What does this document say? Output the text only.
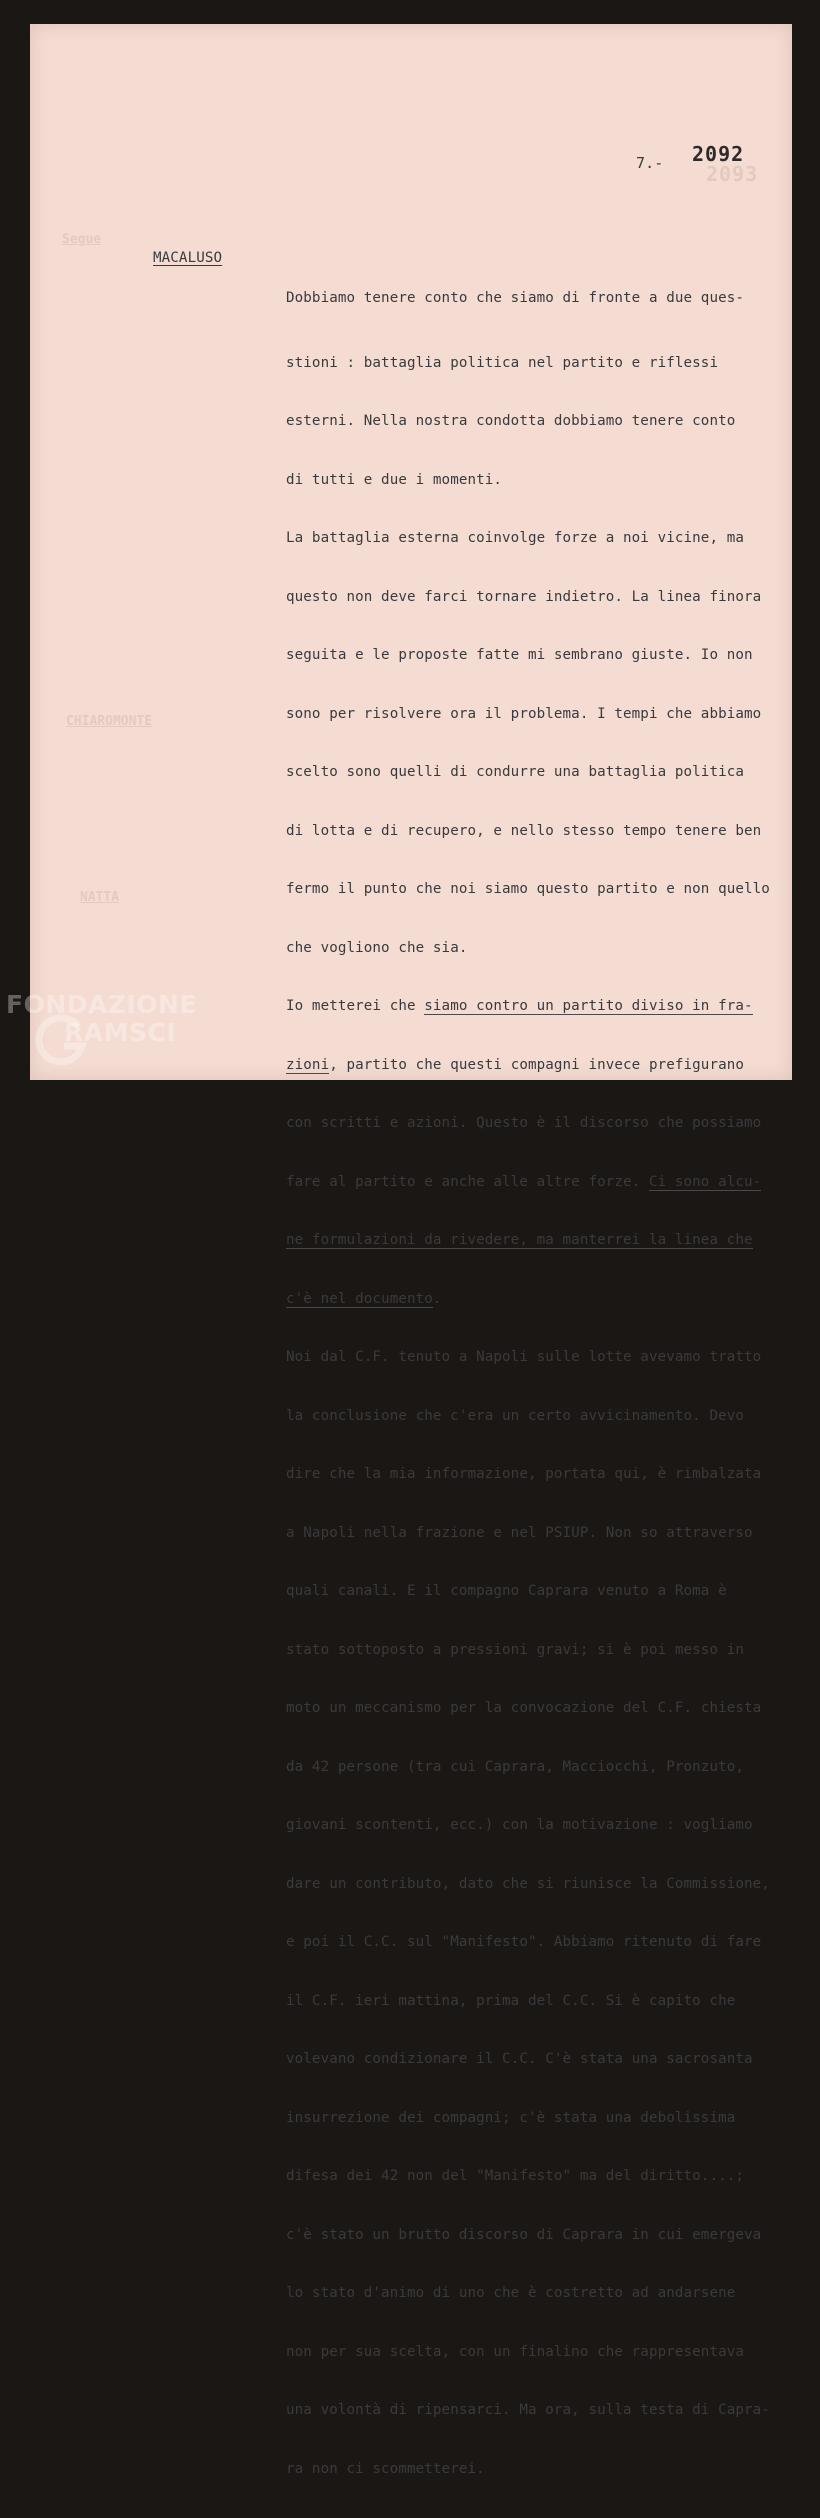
Segue
CHIAROMONTE
NATTA
2093
7.- 2092
MACALUSO

Dobbiamo tenere conto che siamo di fronte a due ques-

stioni : battaglia politica nel partito e riflessi

esterni. Nella nostra condotta dobbiamo tenere conto

di tutti e due i momenti.

La battaglia esterna coinvolge forze a noi vicine, ma

questo non deve farci tornare indietro. La linea finora

seguita e le proposte fatte mi sembrano giuste. Io non

sono per risolvere ora il problema. I tempi che abbiamo

scelto sono quelli di condurre una battaglia politica

di lotta e di recupero, e nello stesso tempo tenere ben

fermo il punto che noi siamo questo partito e non quello

che vogliono che sia.

Io metterei che siamo contro un partito diviso in fra-

zioni, partito che questi compagni invece prefigurano

con scritti e azioni. Questo è il discorso che possiamo

fare al partito e anche alle altre forze. Ci sono alcu-

ne formulazioni da rivedere, ma manterrei la linea che

c'è nel documento.

Noi dal C.F. tenuto a Napoli sulle lotte avevamo tratto

la conclusione che c'era un certo avvicinamento. Devo

dire che la mia informazione, portata qui, è rimbalzata

a Napoli nella frazione e nel PSIUP. Non so attraverso

quali canali. E il compagno Caprara venuto a Roma è

stato sottoposto a pressioni gravi; si è poi messo in

moto un meccanismo per la convocazione del C.F. chiesta

da 42 persone (tra cui Caprara, Macciocchi, Pronzuto,

giovani scontenti, ecc.) con la motivazione : vogliamo

dare un contributo, dato che si riunisce la Commissione,

e poi il C.C. sul "Manifesto". Abbiamo ritenuto di fare

il C.F. ieri mattina, prima del C.C. Si è capito che

volevano condizionare il C.C. C'è stata una sacrosanta

insurrezione dei compagni; c'è stata una debolissima

difesa dei 42 non del "Manifesto" ma del diritto....;

c'è stato un brutto discorso di Caprara in cui emergeva

lo stato d'animo di uno che è costretto ad andarsene

non per sua scelta, con un finalino che rappresentava

una volontà di ripensarci. Ma ora, sulla testa di Capra-

ra non ci scommetterei.

FONDAZIONE
RAMSCI
